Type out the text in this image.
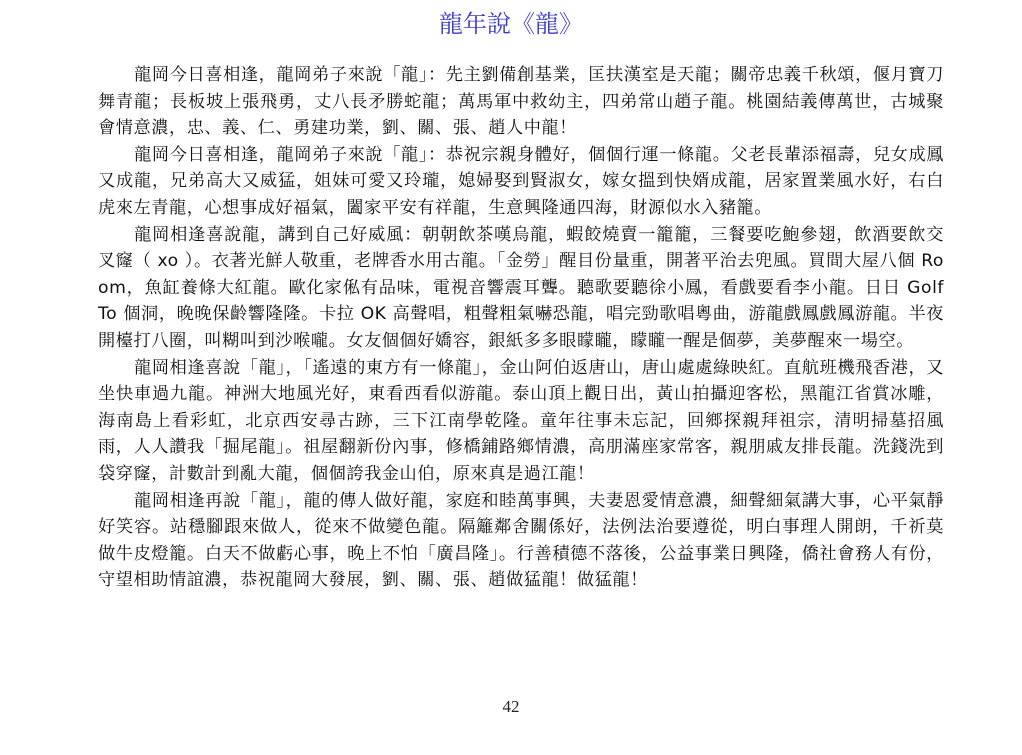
龍年說《龍》

龍岡今日喜相逢，龍岡弟子來說「龍」：先主劉備創基業，匡扶漢室是天龍；關帝忠義千秋頌，偃月寶刀舞青龍；長板坡上張飛勇，丈八長矛勝蛇龍；萬馬軍中救幼主，四弟常山趙子龍。桃園結義傳萬世，古城聚會情意濃，忠、義、仁、勇建功業，劉、關、張、趙人中龍！

龍岡今日喜相逢，龍岡弟子來說「龍」：恭祝宗親身體好，個個行運一條龍。父老長輩添福壽，兒女成鳳又成龍，兄弟高大又威猛，姐妹可愛又玲瓏，媳婦娶到賢淑女，嫁女搵到快婿成龍，居家置業風水好，右白虎來左青龍，心想事成好福氣，闔家平安有祥龍，生意興隆通四海，財源似水入豬籠。

龍岡相逢喜說龍，講到自己好威風：朝朝飲茶嘆烏龍，蝦餃燒賣一籠籠，三餐要吃鮑參翅，飲酒要飲交叉窿（ xo ）。衣著光鮮人敬重，老牌香水用古龍。「金勞」醒目份量重，開著平治去兜風。買間大屋八個 Room，魚缸養條大紅龍。歐化家俬有品味，電視音響震耳聾。聽歌要聽徐小鳳，看戲要看李小龍。日日 Golf To 個洞，晚晚保齡響隆隆。卡拉 OK 高聲唱，粗聲粗氣嚇恐龍，唱完勁歌唱粵曲，游龍戲鳳戲鳳游龍。半夜開檯打八圈，叫糊叫到沙喉嚨。女友個個好嬌容，銀紙多多眼矇矓，矇矓一醒是個夢，美夢醒來一場空。

龍岡相逢喜說「龍」，「遙遠的東方有一條龍」，金山阿伯返唐山，唐山處處綠映紅。直航班機飛香港，又坐快車過九龍。神洲大地風光好，東看西看似游龍。泰山頂上觀日出，黃山拍攝迎客松，黑龍江省賞冰雕，海南島上看彩虹，北京西安尋古跡，三下江南學乾隆。童年往事未忘記，回鄉探親拜祖宗，清明掃墓招風雨，人人讚我「掘尾龍」。祖屋翻新份內事，修橋鋪路鄉情濃，高朋滿座家常客，親朋戚友排長龍。洗錢洗到袋穿窿，計數計到亂大龍，個個誇我金山伯，原來真是過江龍！

龍岡相逢再說「龍」，龍的傳人做好龍，家庭和睦萬事興，夫妻恩愛情意濃，細聲細氣講大事，心平氣靜好笑容。站穩腳跟來做人，從來不做變色龍。隔籬鄰舍關係好，法例法治要遵從，明白事理人開朗，千祈莫做牛皮燈籠。白天不做虧心事，晚上不怕「廣昌隆」。行善積德不落後，公益事業日興隆，僑社會務人有份，守望相助情誼濃，恭祝龍岡大發展，劉、關、張、趙做猛龍！做猛龍！

42
